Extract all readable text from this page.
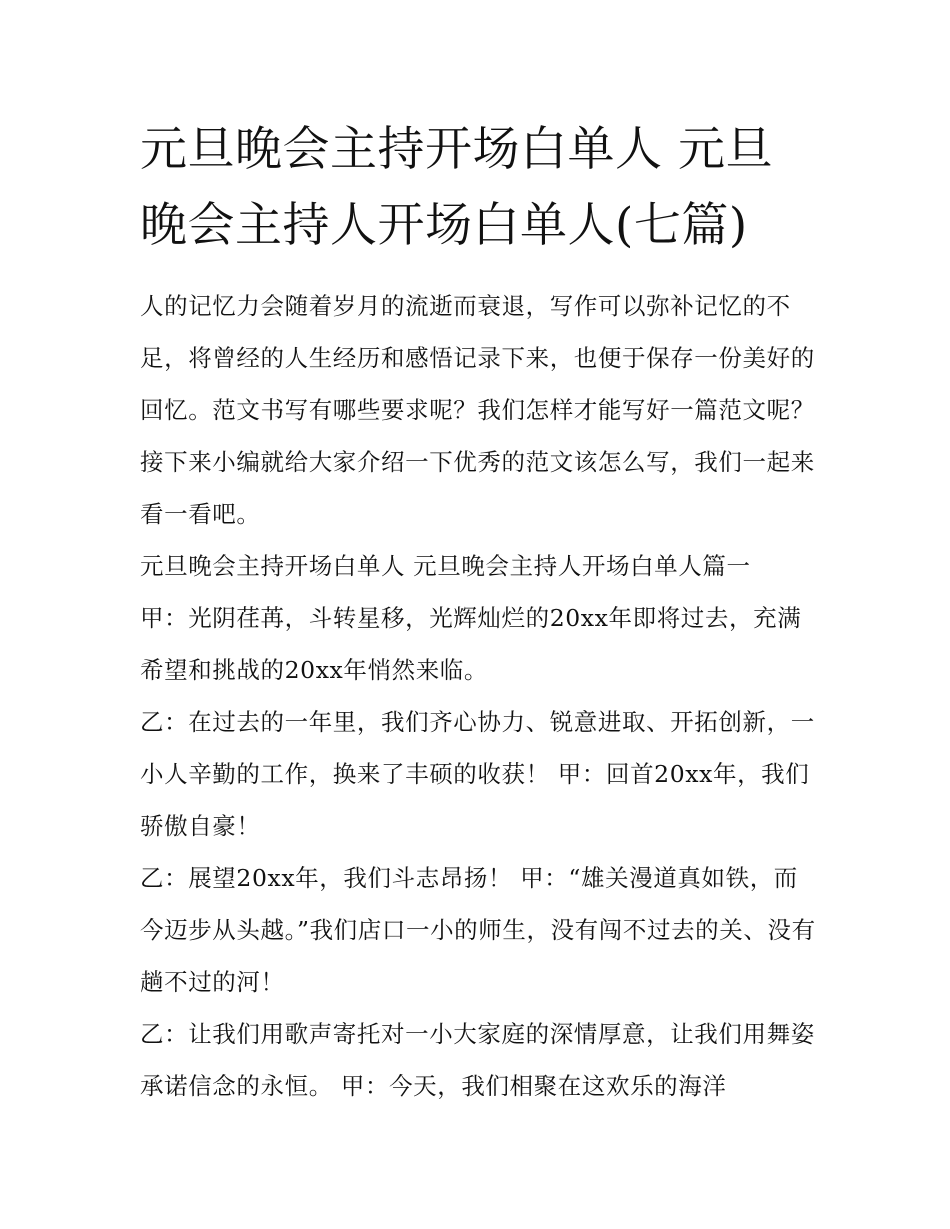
元旦晚会主持开场白单人 元旦晚会主持人开场白单人(七篇)

人的记忆力会随着岁月的流逝而衰退，写作可以弥补记忆的不足，将曾经的人生经历和感悟记录下来，也便于保存一份美好的回忆。范文书写有哪些要求呢？我们怎样才能写好一篇范文呢？接下来小编就给大家介绍一下优秀的范文该怎么写，我们一起来看一看吧。

元旦晚会主持开场白单人 元旦晚会主持人开场白单人篇一

甲：光阴荏苒，斗转星移，光辉灿烂的20xx年即将过去，充满希望和挑战的20xx年悄然来临。

乙：在过去的一年里，我们齐心协力、锐意进取、开拓创新，一小人辛勤的工作，换来了丰硕的收获！ 甲：回首20xx年，我们骄傲自豪！

乙：展望20xx年，我们斗志昂扬！ 甲：“雄关漫道真如铁，而今迈步从头越。”我们店口一小的师生，没有闯不过去的关、没有趟不过的河！

乙：让我们用歌声寄托对一小大家庭的深情厚意，让我们用舞姿承诺信念的永恒。 甲：今天，我们相聚在这欢乐的海洋
